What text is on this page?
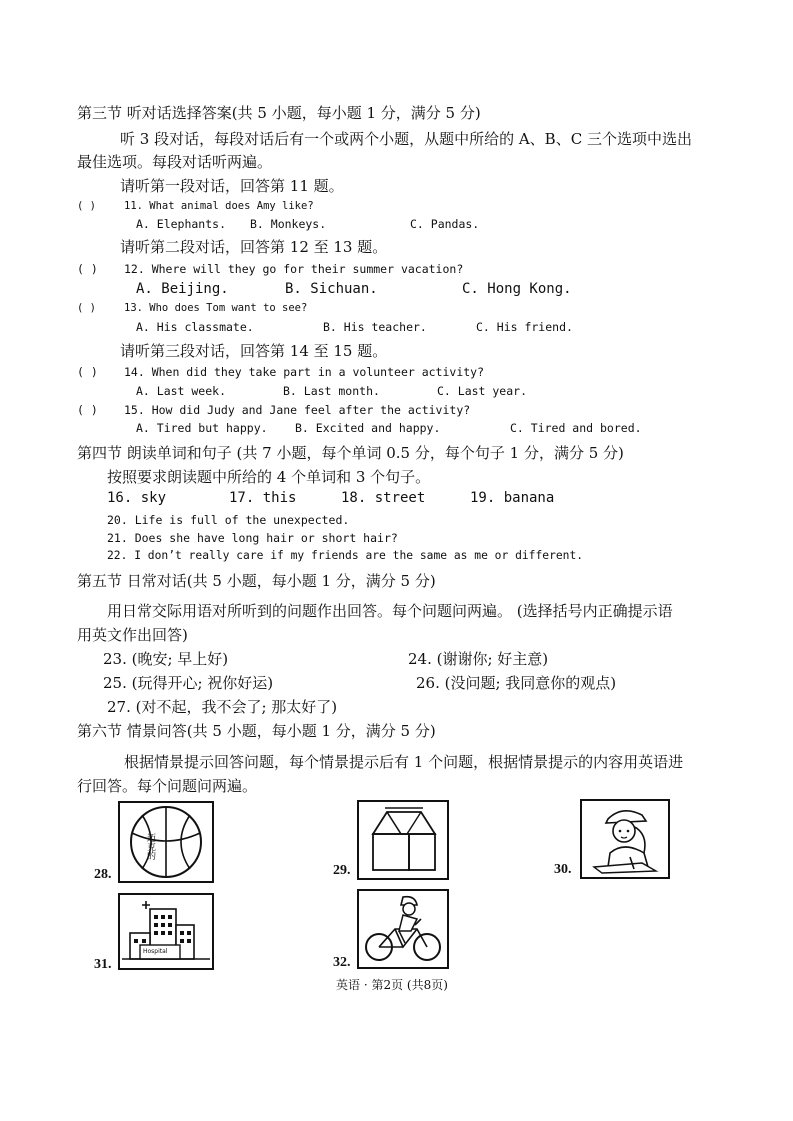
第三节 听对话选择答案(共 5 小题，每小题 1 分，满分 5 分)
听 3 段对话，每段对话后有一个或两个小题，从题中所给的 A、B、C 三个选项中选出
最佳选项。每段对话听两遍。
请听第一段对话，回答第 11 题。
( )	11. What animal does Amy like?
A. Elephants. B. Monkeys.	C. Pandas.
请听第二段对话，回答第 12 至 13 题。
( ) 12. Where will they go for their summer vacation?
A. Beijing.	B. Sichuan.	C. Hong Kong.
( )	13. Who does Tom want to see?
A. His classmate.	B. His teacher.	C. His friend.
请听第三段对话，回答第 14 至 15 题。
( ) 14. When did they take part in a volunteer activity?
A. Last week.	B. Last month.	C. Last year.
( ) 15. How did Judy and Jane feel after the activity?
A. Tired but happy. B. Excited and happy.	C. Tired and bored.
第四节 朗读单词和句子 (共 7 小题，每个单词 0.5 分，每个句子 1 分，满分 5 分)
按照要求朗读题中所给的 4 个单词和 3 个句子。
16. sky	17. this	18. street	19. banana
20. Life is full of the unexpected.
21. Does she have long hair or short hair?
22. I don’t really care if my friends are the same as me or different.
第五节 日常对话(共 5 小题，每小题 1 分，满分 5 分)
用日常交际用语对所听到的问题作出回答。每个问题问两遍。 (选择括号内正确提示语
用英文作出回答)
23. (晚安; 早上好)	24. (谢谢你; 好主意)
25. (玩得开心; 祝你好运)	26. (没问题; 我同意你的观点)
27. (对不起，我不会了; 那太好了)
第六节 情景问答(共 5 小题，每小题 1 分，满分 5 分)
根据情景提示回答问题，每个情景提示后有 1 个问题，根据情景提示的内容用英语进
行回答。每个问题问两遍。
28.
迈克的
29.	30.
31.
Hospital
32.
英语 · 第2页 (共8页)
